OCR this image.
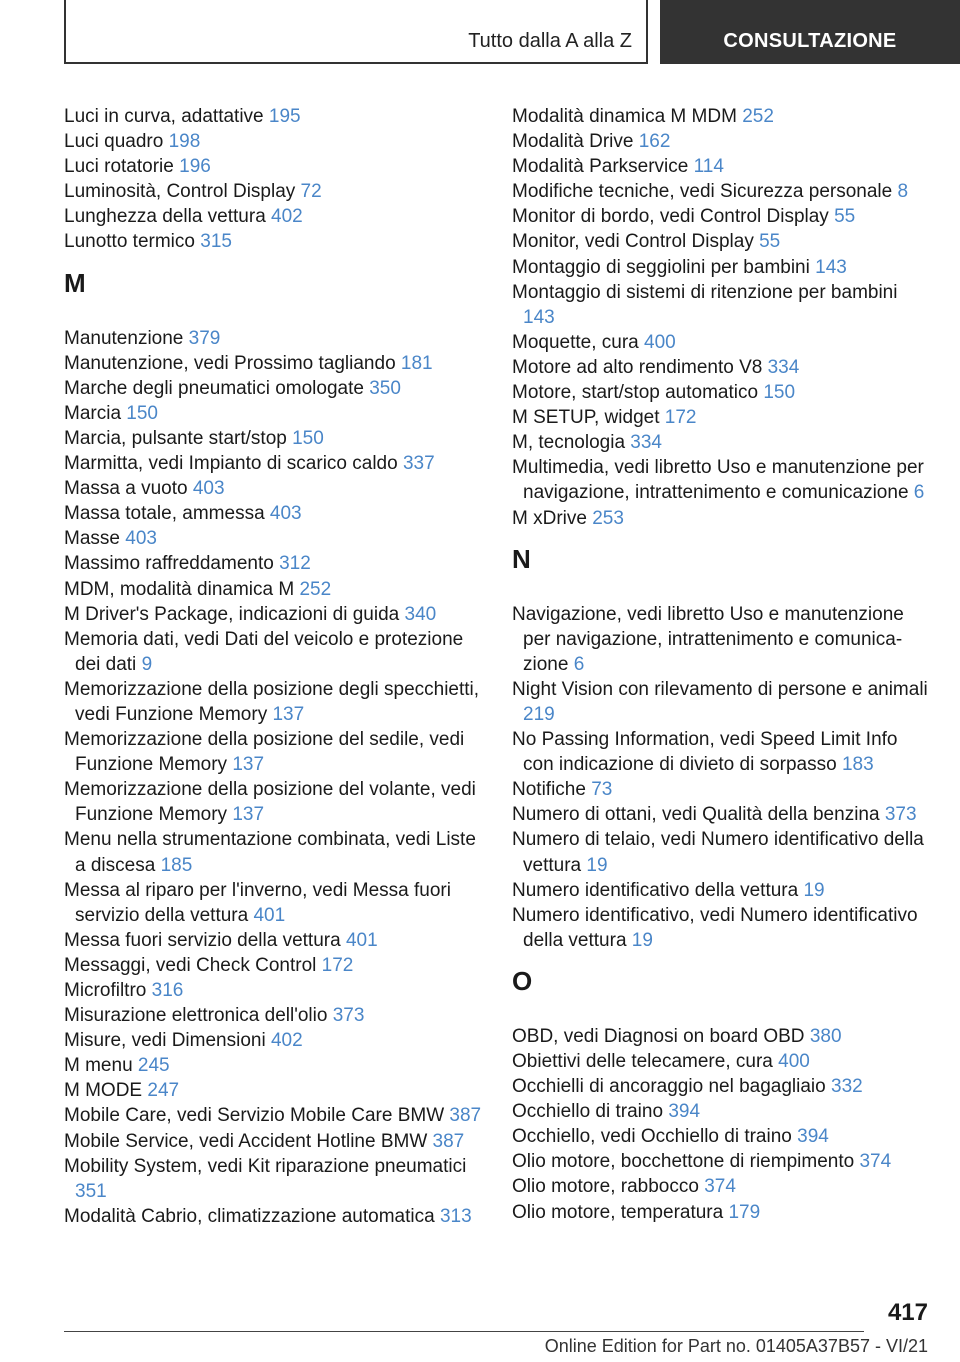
Tutto dalla A alla Z	CONSULTAZIONE
Luci in curva, adattative 195
Luci quadro 198
Luci rotatorie 196
Luminosità, Control Display 72
Lunghezza della vettura 402
Lunotto termico 315
M
Manutenzione 379
Manutenzione, vedi Prossimo tagliando 181
Marche degli pneumatici omologate 350
Marcia 150
Marcia, pulsante start/stop 150
Marmitta, vedi Impianto di scarico caldo 337
Massa a vuoto 403
Massa totale, ammessa 403
Masse 403
Massimo raffreddamento 312
MDM, modalità dinamica M 252
M Driver's Package, indicazioni di guida 340
Memoria dati, vedi Dati del veicolo e protezione dei dati 9
Memorizzazione della posizione degli specchietti, vedi Funzione Memory 137
Memorizzazione della posizione del sedile, vedi Funzione Memory 137
Memorizzazione della posizione del volante, vedi Funzione Memory 137
Menu nella strumentazione combinata, vedi Liste a discesa 185
Messa al riparo per l'inverno, vedi Messa fuori servizio della vettura 401
Messa fuori servizio della vettura 401
Messaggi, vedi Check Control 172
Microfiltro 316
Misurazione elettronica dell'olio 373
Misure, vedi Dimensioni 402
M menu 245
M MODE 247
Mobile Care, vedi Servizio Mobile Care BMW 387
Mobile Service, vedi Accident Hotline BMW 387
Mobility System, vedi Kit riparazione pneumatici 351
Modalità Cabrio, climatizzazione automatica 313
Modalità dinamica M MDM 252
Modalità Drive 162
Modalità Parkservice 114
Modifiche tecniche, vedi Sicurezza personale 8
Monitor di bordo, vedi Control Display 55
Monitor, vedi Control Display 55
Montaggio di seggiolini per bambini 143
Montaggio di sistemi di ritenzione per bambini 143
Moquette, cura 400
Motore ad alto rendimento V8 334
Motore, start/stop automatico 150
M SETUP, widget 172
M, tecnologia 334
Multimedia, vedi libretto Uso e manutenzione per navigazione, intrattenimento e comunicazione 6
M xDrive 253
N
Navigazione, vedi libretto Uso e manutenzione per navigazione, intrattenimento e comunicazione 6
Night Vision con rilevamento di persone e animali 219
No Passing Information, vedi Speed Limit Info con indicazione di divieto di sorpasso 183
Notifiche 73
Numero di ottani, vedi Qualità della benzina 373
Numero di telaio, vedi Numero identificativo della vettura 19
Numero identificativo della vettura 19
Numero identificativo, vedi Numero identificativo della vettura 19
O
OBD, vedi Diagnosi on board OBD 380
Obiettivi delle telecamere, cura 400
Occhielli di ancoraggio nel bagagliaio 332
Occhiello di traino 394
Occhiello, vedi Occhiello di traino 394
Olio motore, bocchettone di riempimento 374
Olio motore, rabbocco 374
Olio motore, temperatura 179
417
Online Edition for Part no. 01405A37B57 - VI/21
